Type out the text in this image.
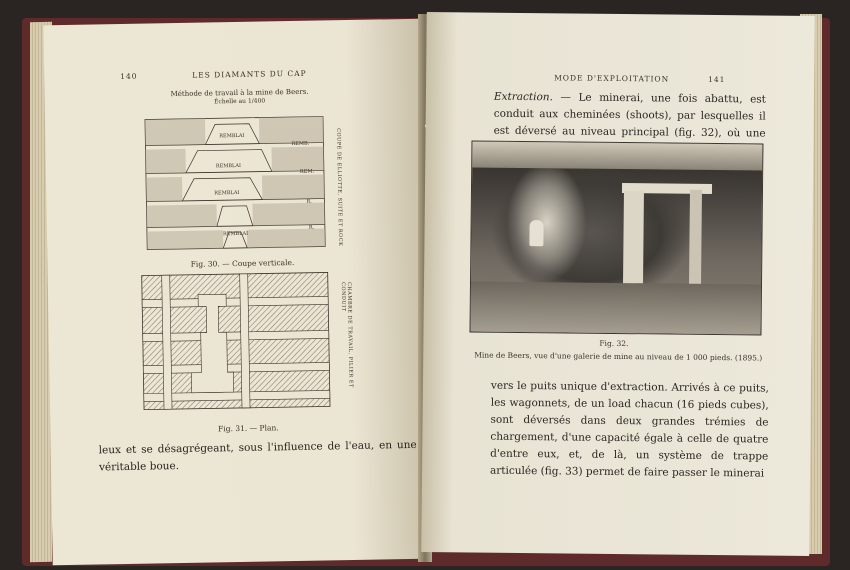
140	LES DIAMANTS DU CAP
Méthode de travail à la mine de Beers.
Échelle au 1/400
REMBLAI
REMBLAI
REMBLAI
REMBLAI
REMB.
REM.
R.
R.	COUPE DE ELLIOTTE, SUITE ET ROCK
Fig. 30. — Coupe verticale.
CHAMBRE DE TRAVAIL, PILIER ET CONDUIT
Fig. 31. — Plan.
leux et se désagrégeant, sous l'influence de l'eau, en une véritable boue.
MODE D'EXPLOITATION	141
Extraction. — Le minerai, une fois abattu, est conduit aux cheminées (shoots), par lesquelles il est déversé au niveau principal (fig. 32), où une
Fig. 32.
Mine de Beers, vue d'une galerie de mine au niveau de 1 000 pieds. (1895.)
vers le puits unique d'extraction. Arrivés à ce puits, les wagonnets, de un load chacun (16 pieds cubes), sont déversés dans deux grandes trémies de chargement, d'une capacité égale à celle de quatre d'entre eux, et, de là, un système de trappe articulée (fig. 33) permet de faire passer le minerai
